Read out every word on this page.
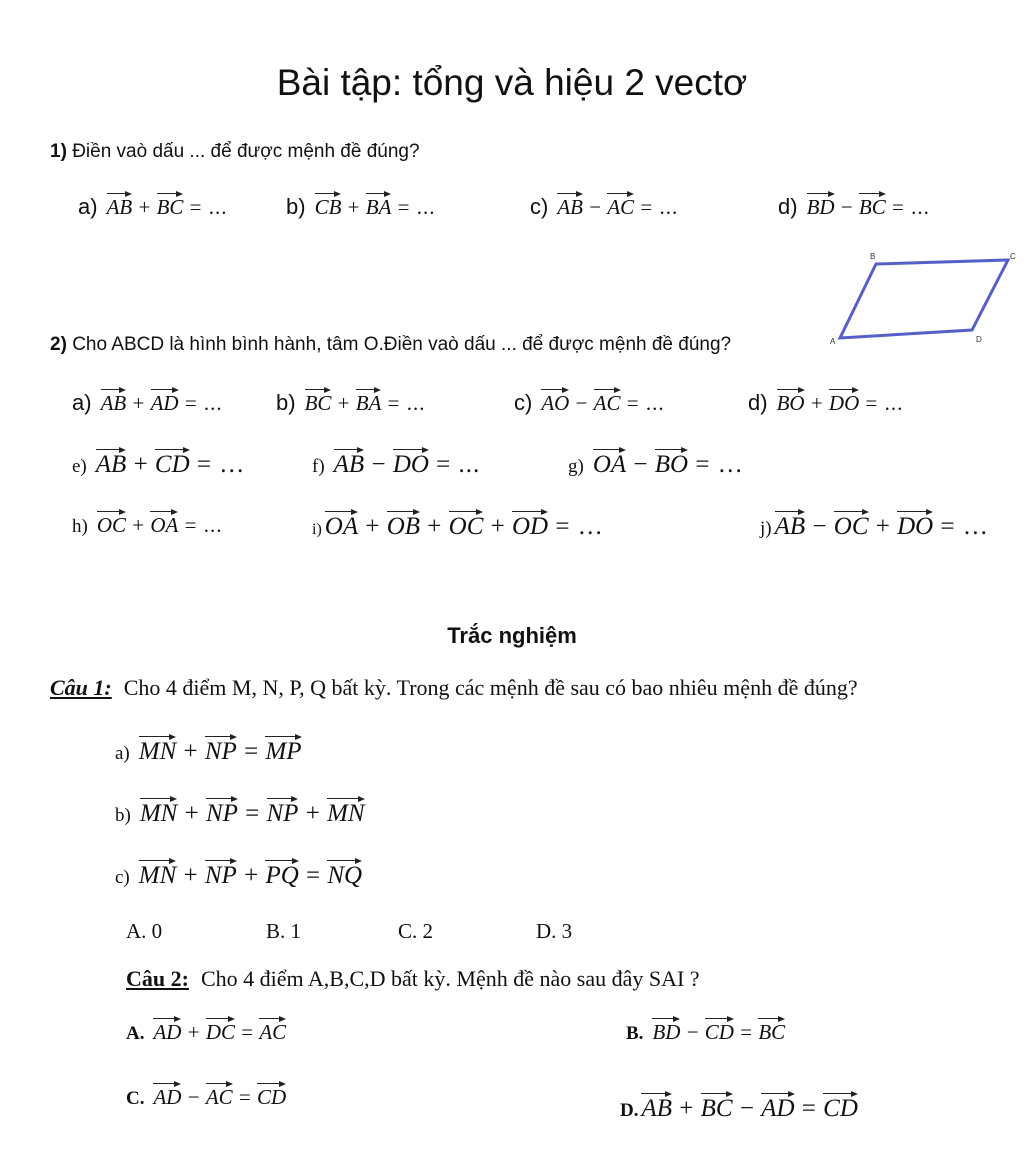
Bài tập: tổng và hiệu 2 vectơ
1) Điền vaò dấu ... để được mệnh đề đúng?
a) AB + BC = ...	b) CB + BA = ...	c) AB − AC = ...	d) BD − BC = ...
B	C
D
A
2) Cho ABCD là hình bình hành, tâm O.Điền vaò dấu ... để được mệnh đề đúng?
a) AB + AD = ... b) BC + BA = ...	c) AO − AC = ...	d) BO + DO = ...
e) AB + CD = …	f) AB − DO = ...	g) OA − BO = …
h) OC + OA = ...	i) OA + OB + OC + OD = …	j) AB − OC + DO = …
Trắc nghiệm
Câu 1: Cho 4 điểm M, N, P, Q bất kỳ. Trong các mệnh đề sau có bao nhiêu mệnh đề đúng?
a) MN + NP = MP
b) MN + NP = NP + MN
c) MN + NP + PQ = NQ
A. 0	B. 1	C. 2	D. 3
Câu 2: Cho 4 điểm A,B,C,D bất kỳ. Mệnh đề nào sau đây SAI ?
A. AD + DC = AC	B. BD − CD = BC
C. AD − AC = CD
D. AB + BC − AD = CD
